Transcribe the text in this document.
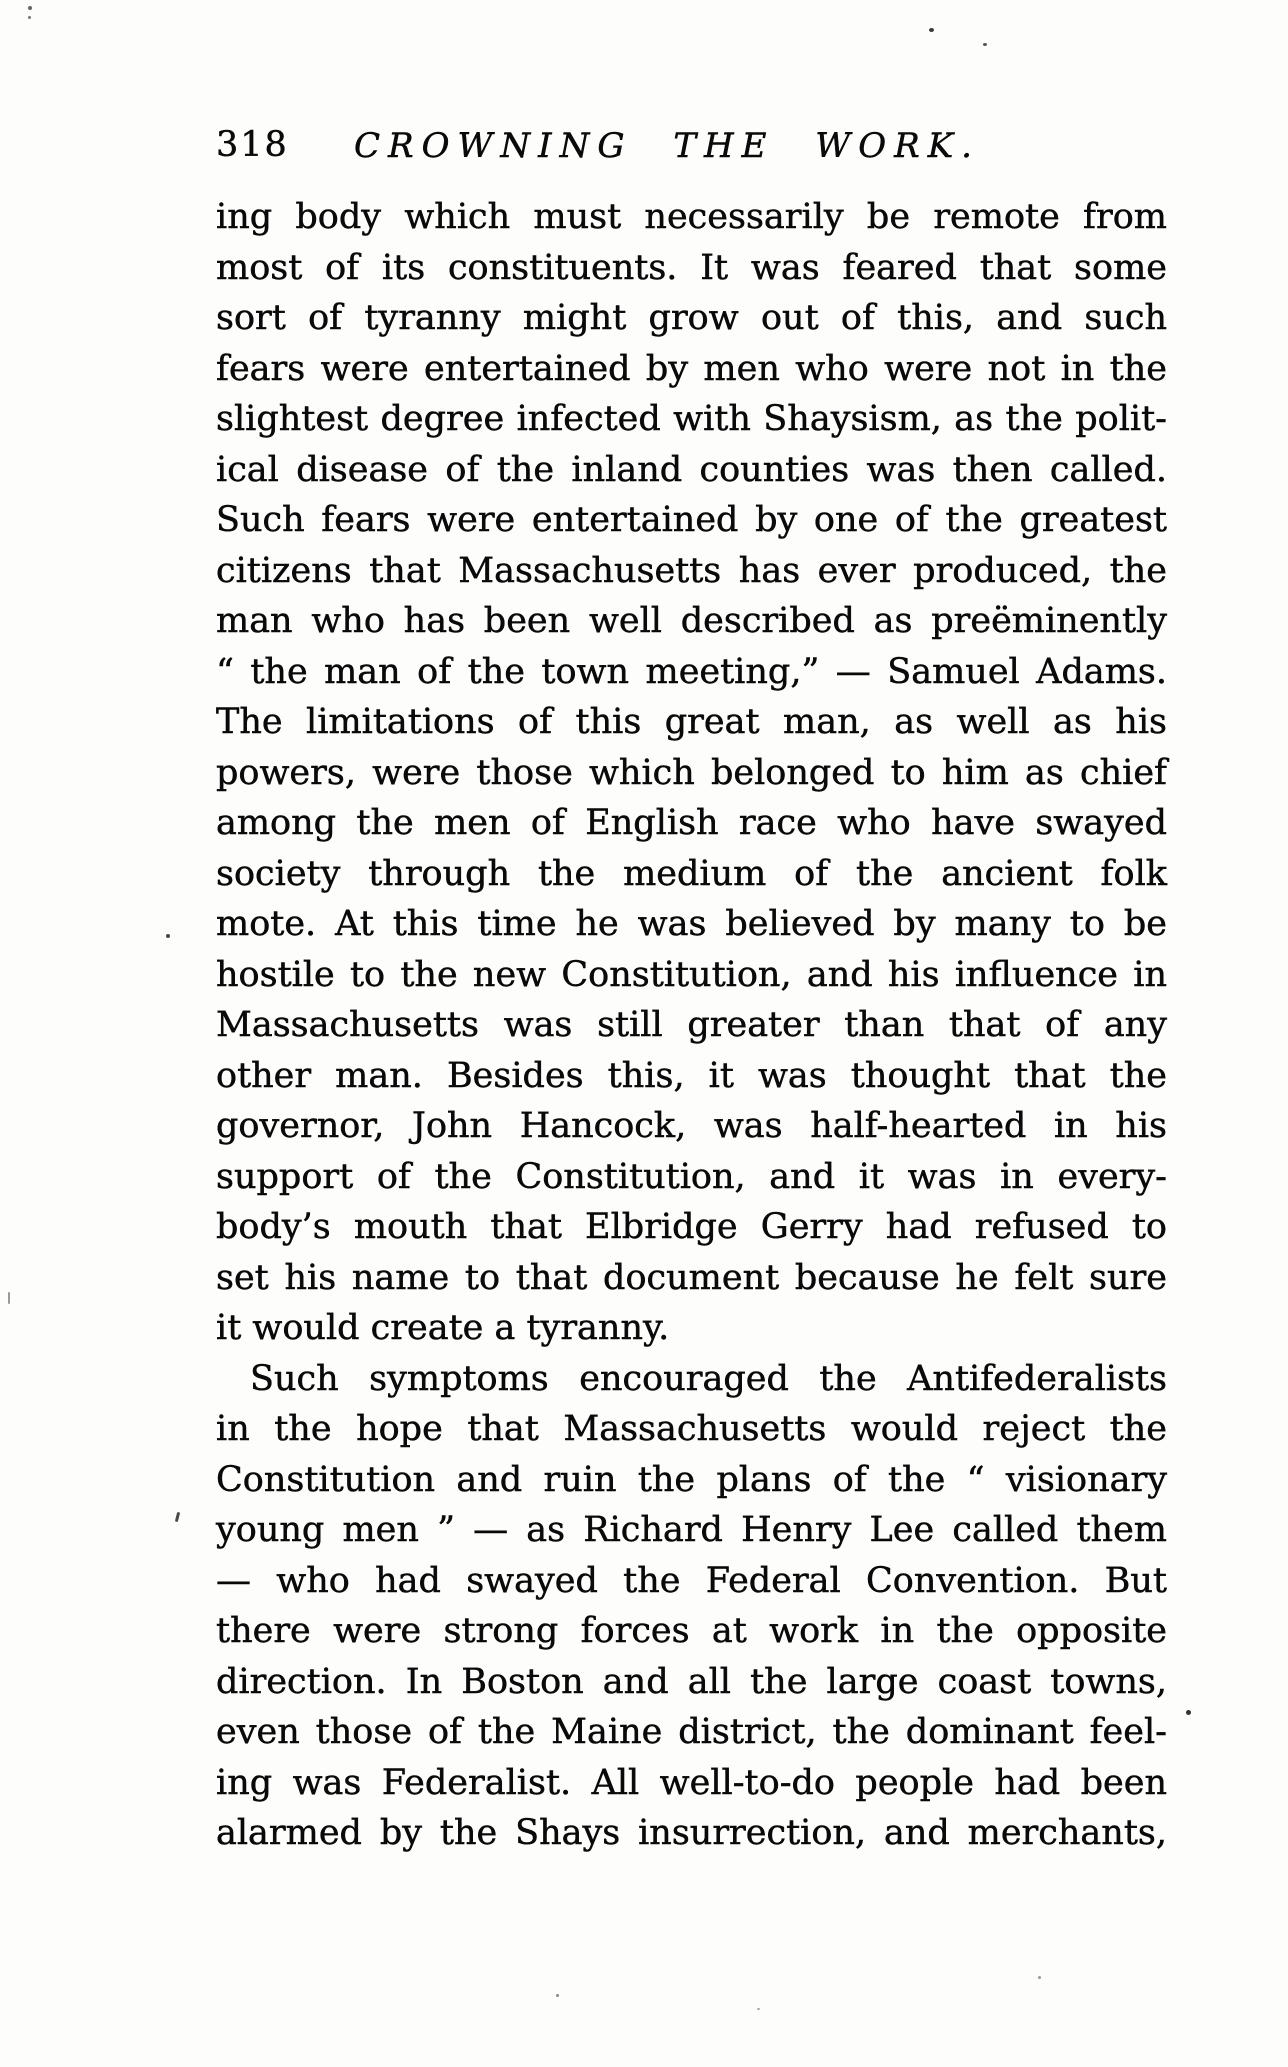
318 CROWNING THE WORK.
ing body which must necessarily be remote from
most of its constituents. It was feared that some
sort of tyranny might grow out of this, and such
fears were entertained by men who were not in the
slightest degree infected with Shaysism, as the polit-
ical disease of the inland counties was then called.
Such fears were entertained by one of the greatest
citizens that Massachusetts has ever produced, the
man who has been well described as preëminently
“ the man of the town meeting,” — Samuel Adams.
The limitations of this great man, as well as his
powers, were those which belonged to him as chief
among the men of English race who have swayed
society through the medium of the ancient folk
mote. At this time he was believed by many to be
hostile to the new Constitution, and his influence in
Massachusetts was still greater than that of any
other man. Besides this, it was thought that the
governor, John Hancock, was half-hearted in his
support of the Constitution, and it was in every-
body’s mouth that Elbridge Gerry had refused to
set his name to that document because he felt sure
it would create a tyranny.
Such symptoms encouraged the Antifederalists
in the hope that Massachusetts would reject the
Constitution and ruin the plans of the “ visionary
young men ” — as Richard Henry Lee called them
— who had swayed the Federal Convention. But
there were strong forces at work in the opposite
direction. In Boston and all the large coast towns,
even those of the Maine district, the dominant feel-
ing was Federalist. All well-to-do people had been
alarmed by the Shays insurrection, and merchants,
